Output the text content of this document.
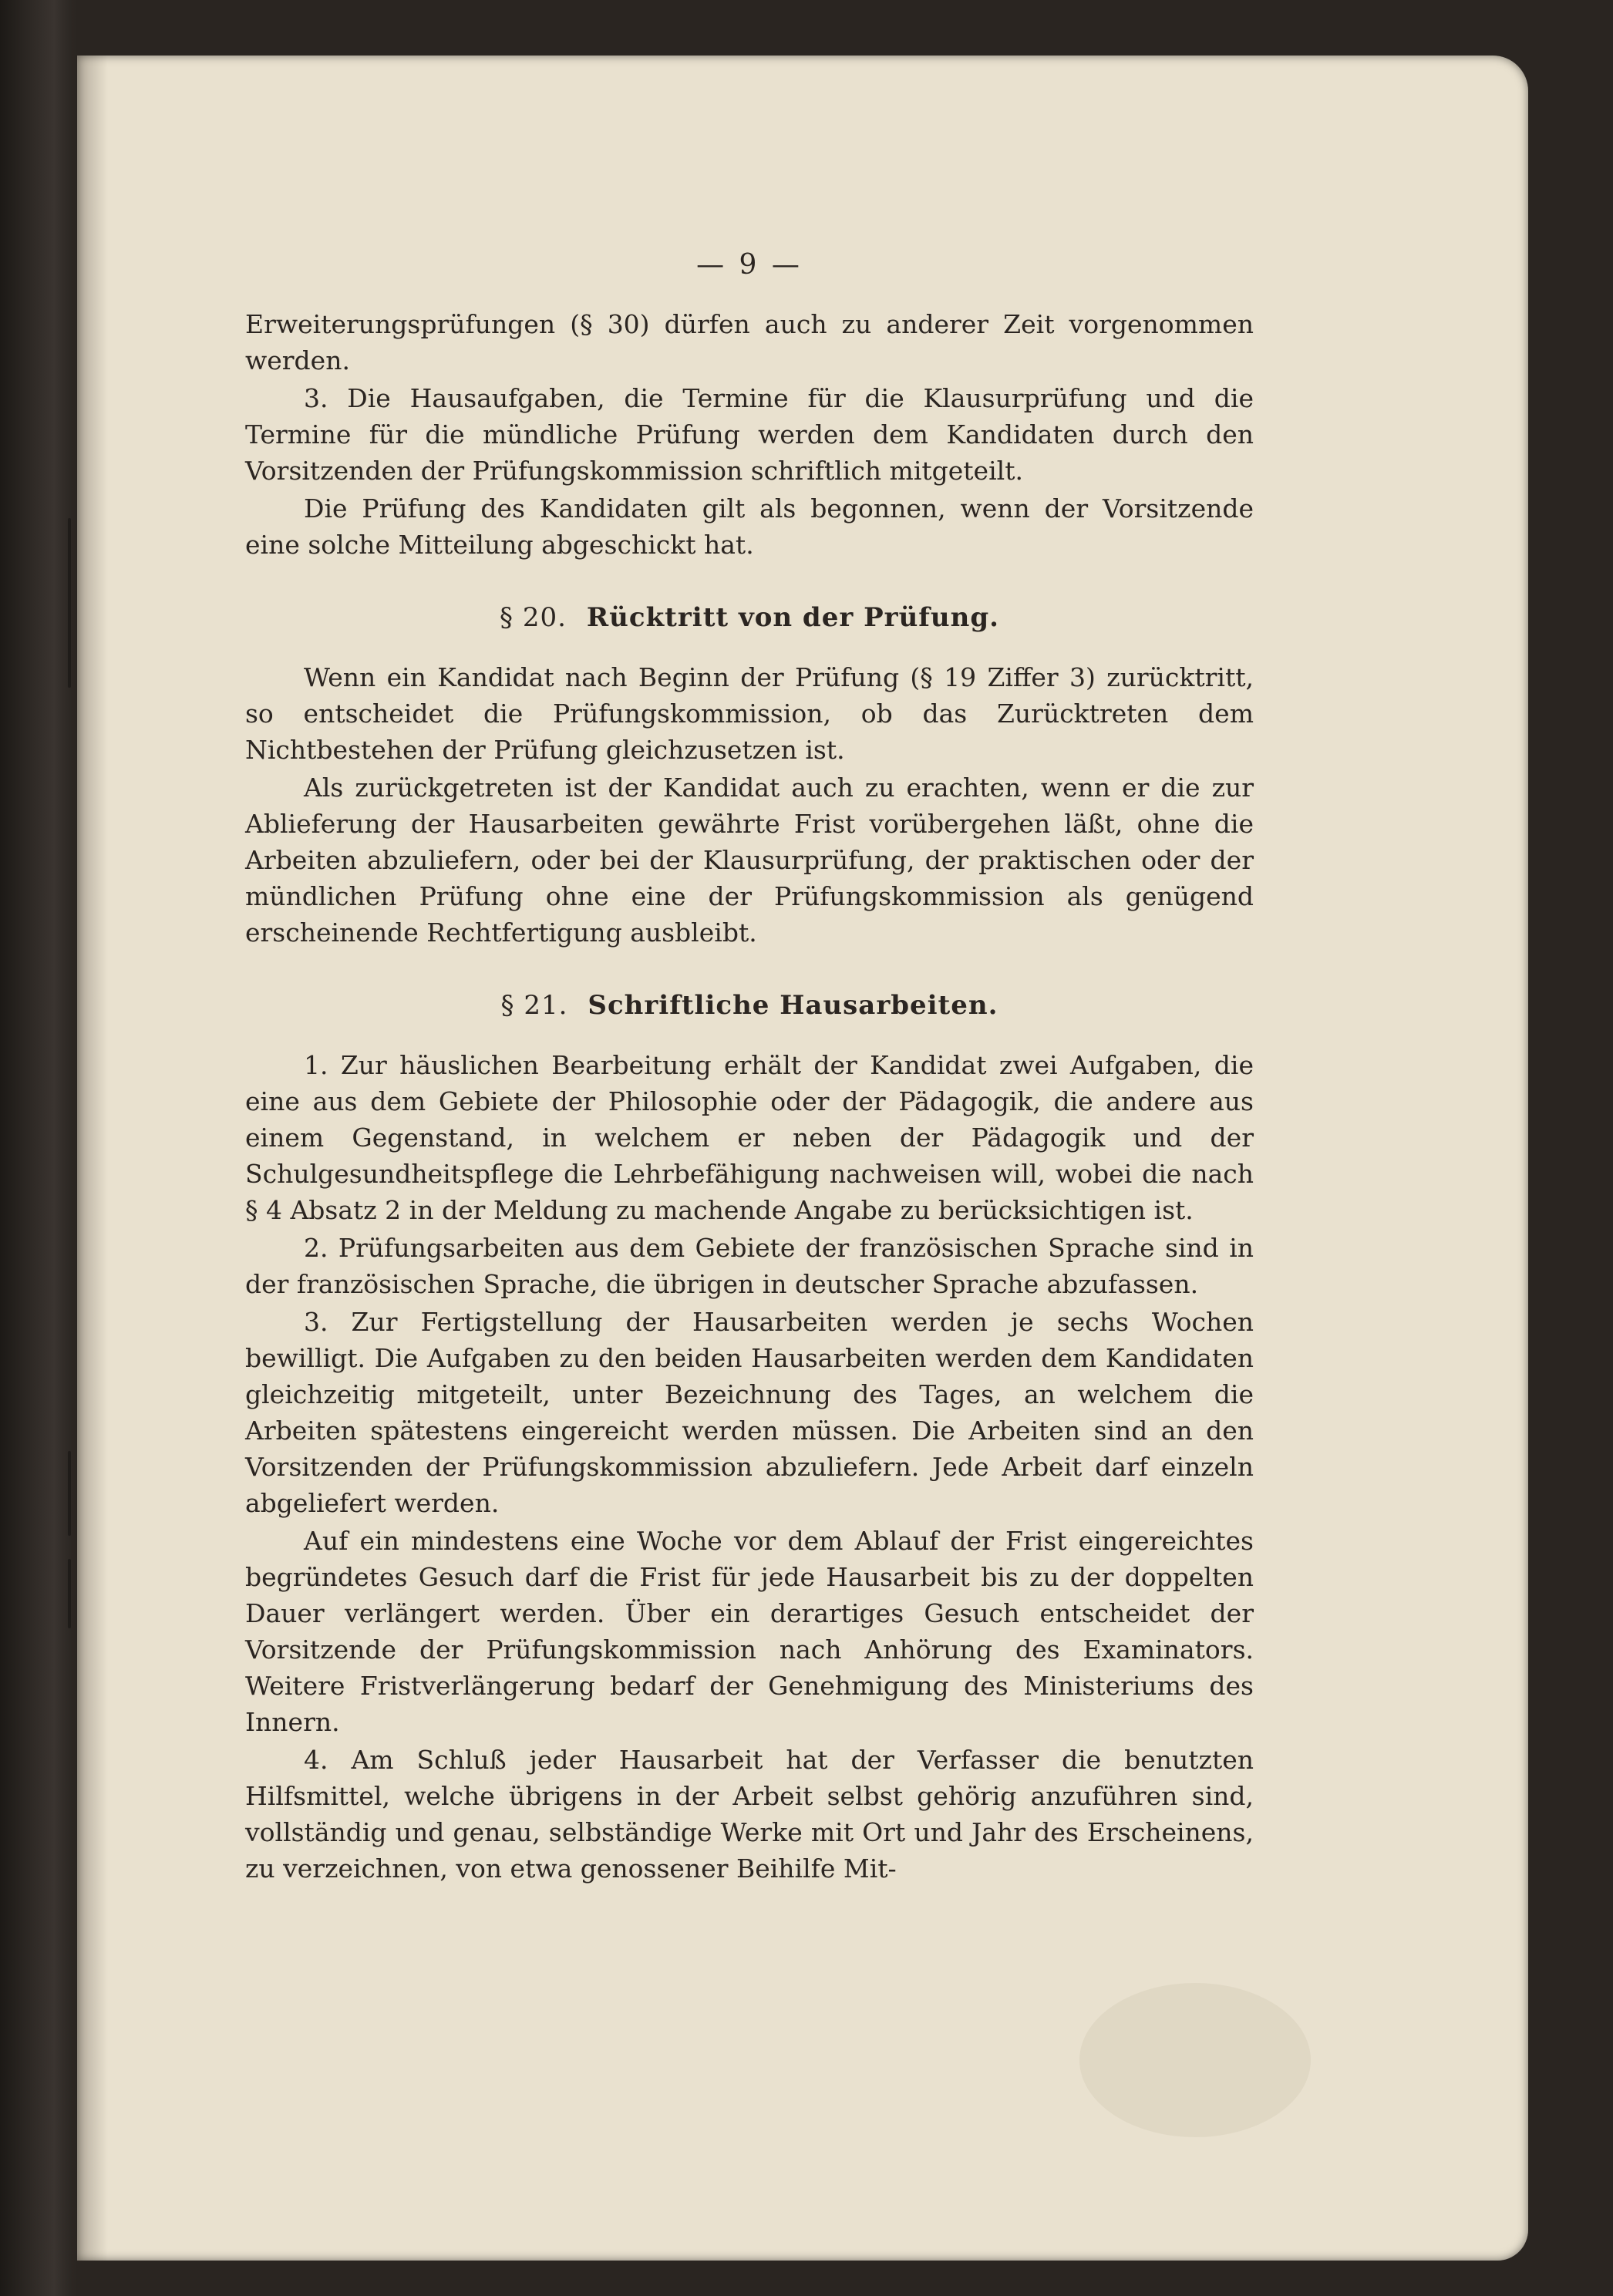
— 9 —

Erweiterungsprüfungen (§ 30) dürfen auch zu anderer Zeit vorgenommen werden.

3. Die Hausaufgaben, die Termine für die Klausurprüfung und die Termine für die mündliche Prüfung werden dem Kandidaten durch den Vorsitzenden der Prüfungskommission schriftlich mitgeteilt.

Die Prüfung des Kandidaten gilt als begonnen, wenn der Vorsitzende eine solche Mitteilung abgeschickt hat.

§ 20. Rücktritt von der Prüfung.

Wenn ein Kandidat nach Beginn der Prüfung (§ 19 Ziffer 3) zurücktritt, so entscheidet die Prüfungskommission, ob das Zurücktreten dem Nichtbestehen der Prüfung gleichzusetzen ist.

Als zurückgetreten ist der Kandidat auch zu erachten, wenn er die zur Ablieferung der Hausarbeiten gewährte Frist vorübergehen läßt, ohne die Arbeiten abzuliefern, oder bei der Klausurprüfung, der praktischen oder der mündlichen Prüfung ohne eine der Prüfungskommission als genügend erscheinende Rechtfertigung ausbleibt.

§ 21. Schriftliche Hausarbeiten.

1. Zur häuslichen Bearbeitung erhält der Kandidat zwei Aufgaben, die eine aus dem Gebiete der Philosophie oder der Pädagogik, die andere aus einem Gegenstand, in welchem er neben der Pädagogik und der Schulgesundheitspflege die Lehrbefähigung nachweisen will, wobei die nach § 4 Absatz 2 in der Meldung zu machende Angabe zu berücksichtigen ist.

2. Prüfungsarbeiten aus dem Gebiete der französischen Sprache sind in der französischen Sprache, die übrigen in deutscher Sprache abzufassen.

3. Zur Fertigstellung der Hausarbeiten werden je sechs Wochen bewilligt. Die Aufgaben zu den beiden Hausarbeiten werden dem Kandidaten gleichzeitig mitgeteilt, unter Bezeichnung des Tages, an welchem die Arbeiten spätestens eingereicht werden müssen. Die Arbeiten sind an den Vorsitzenden der Prüfungskommission abzuliefern. Jede Arbeit darf einzeln abgeliefert werden.

Auf ein mindestens eine Woche vor dem Ablauf der Frist eingereichtes begründetes Gesuch darf die Frist für jede Hausarbeit bis zu der doppelten Dauer verlängert werden. Über ein derartiges Gesuch entscheidet der Vorsitzende der Prüfungskommission nach Anhörung des Examinators. Weitere Fristverlängerung bedarf der Genehmigung des Ministeriums des Innern.

4. Am Schluß jeder Hausarbeit hat der Verfasser die benutzten Hilfsmittel, welche übrigens in der Arbeit selbst gehörig anzuführen sind, vollständig und genau, selbständige Werke mit Ort und Jahr des Erscheinens, zu verzeichnen, von etwa genossener Beihilfe Mit-
